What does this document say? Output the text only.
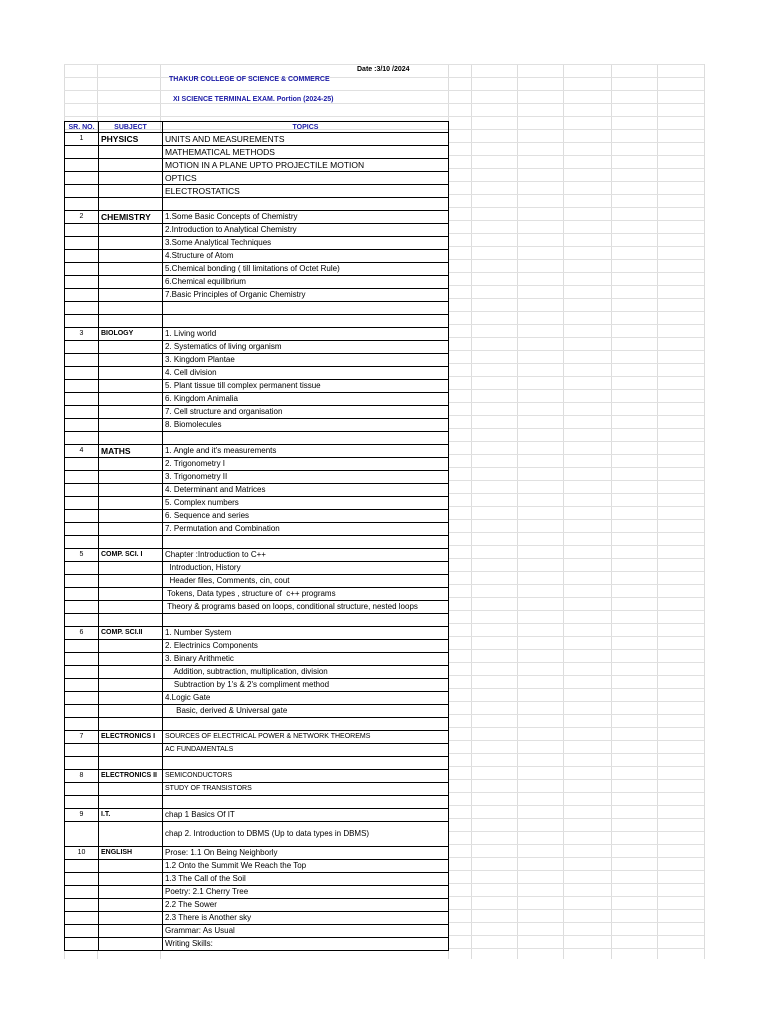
Date :3/10 /2024
THAKUR COLLEGE OF SCIENCE & COMMERCE
XI SCIENCE TERMINAL EXAM. Portion (2024-25)
SR. NO.	SUBJECT	TOPICS
1	PHYSICS	UNITS AND MEASUREMENTS
		MATHEMATICAL METHODS
		MOTION IN A PLANE UPTO PROJECTILE MOTION
		OPTICS
		ELECTROSTATICS

2	CHEMISTRY	1.Some Basic Concepts of Chemistry
		2.Introduction to Analytical Chemistry
		3.Some Analytical Techniques
		4.Structure of Atom
		5.Chemical bonding ( till limitations of Octet Rule)
		6.Chemical equilibrium
		7.Basic Principles of Organic Chemistry

3	BIOLOGY	1. Living world
		2. Systematics of living organism
		3. Kingdom Plantae
		4. Cell division
		5. Plant tissue till complex permanent tissue
		6. Kingdom Animalia
		7. Cell structure and organisation
		8. Biomolecules

4	MATHS	1. Angle and it's measurements
		2. Trigonometry I
		3. Trigonometry II
		4. Determinant and Matrices
		5. Complex numbers
		6. Sequence and series
		7. Permutation and Combination

5	COMP. SCI. I	Chapter :Introduction to C++
		Introduction, History
		Header files, Comments, cin, cout
		Tokens, Data types , structure of  c++ programs
		Theory & programs based on loops, conditional structure, nested loops

6	COMP. SCI.II	1. Number System
		2. Electrinics Components
		3. Binary Arithmetic
		Addition, subtraction, multiplication, division
		Subtraction by 1's & 2's compliment method
		4.Logic Gate
		Basic, derived & Universal gate

7	ELECTRONICS I	SOURCES OF ELECTRICAL POWER & NETWORK THEOREMS
		AC FUNDAMENTALS

8	ELECTRONICS II	SEMICONDUCTORS
		STUDY OF TRANSISTORS

9	I.T.	chap 1 Basics Of IT
		chap 2. Introduction to DBMS (Up to data types in DBMS)
10	ENGLISH	Prose: 1.1 On Being Neighborly
		1.2 Onto the Summit We Reach the Top
		1.3 The Call of the Soil
		Poetry: 2.1 Cherry Tree
		2.2 The Sower
		2.3 There is Another sky
		Grammar: As Usual
		Writing Skills:
